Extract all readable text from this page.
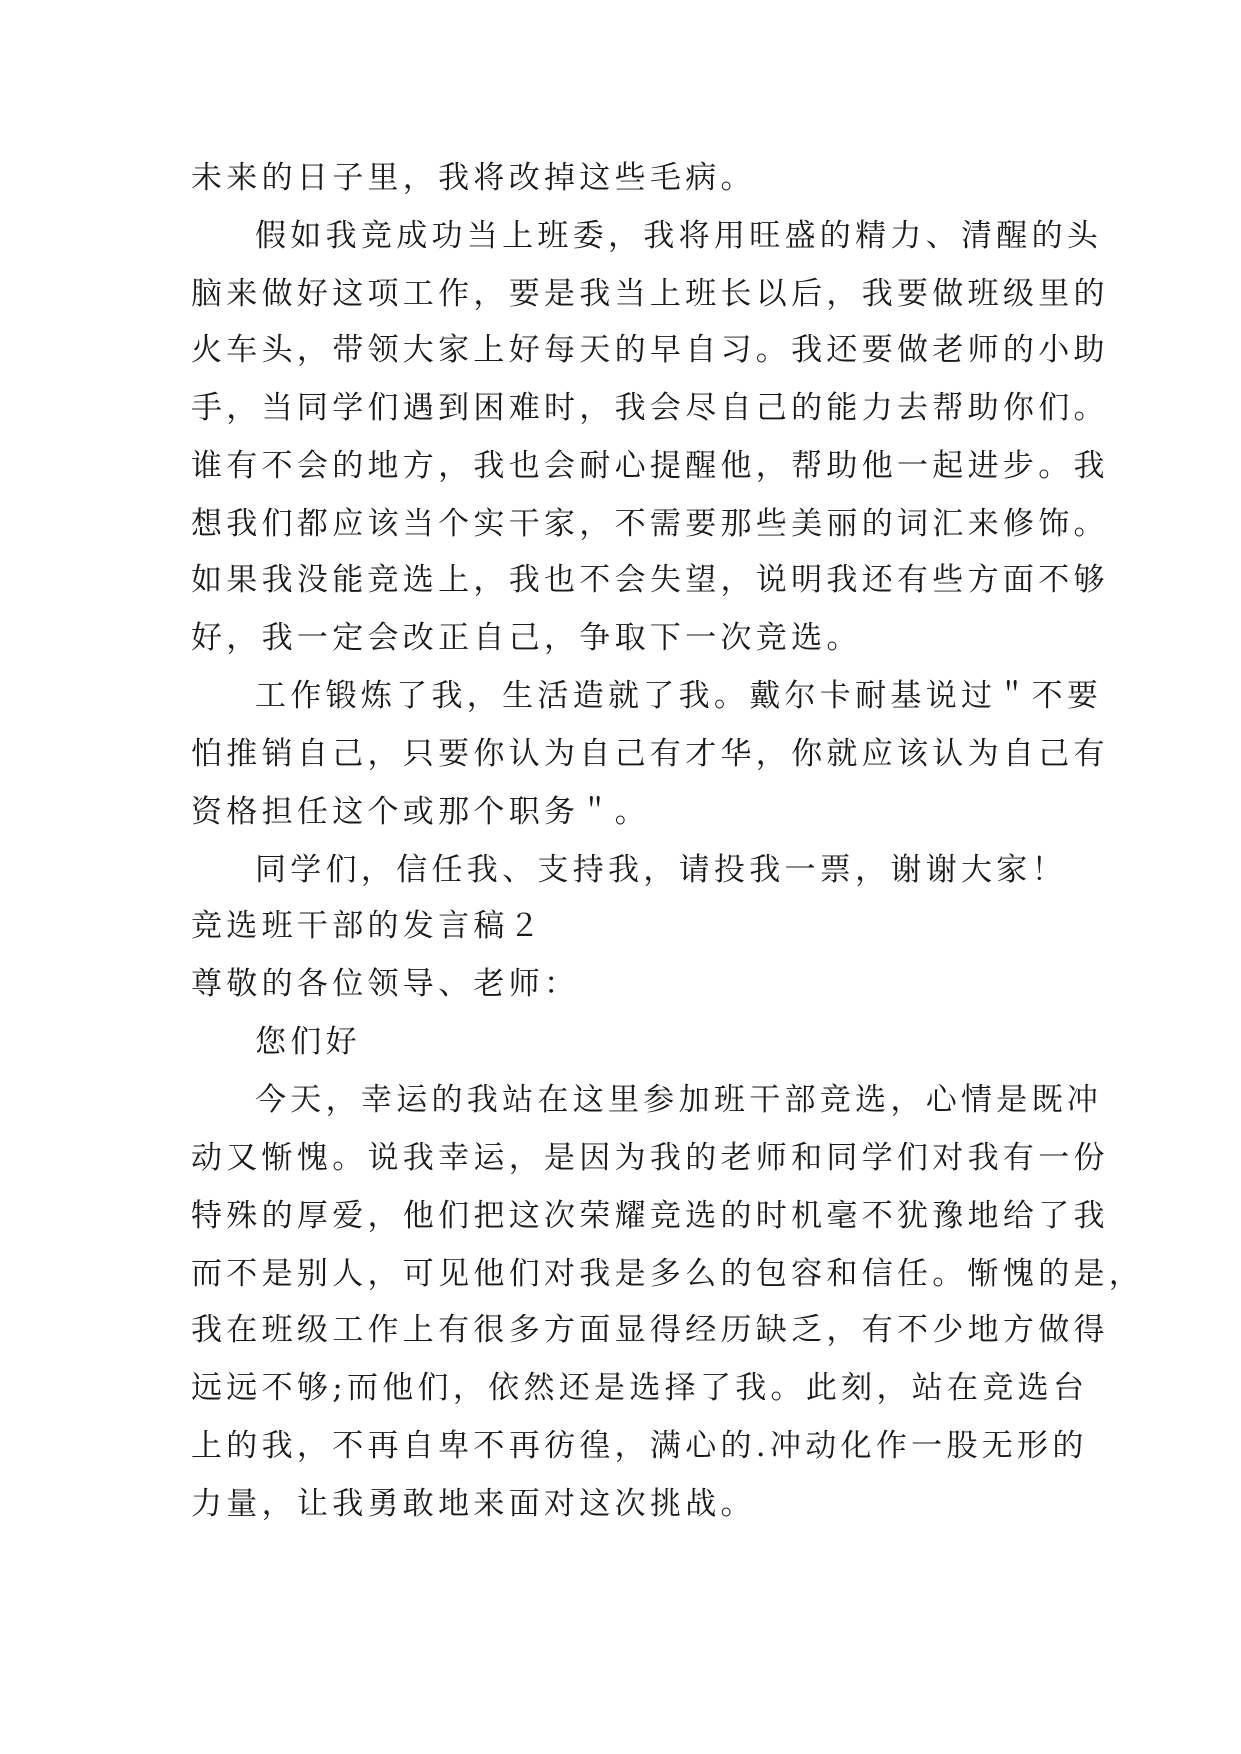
未来的日子里，我将改掉这些毛病。
假如我竞成功当上班委，我将用旺盛的精力、清醒的头
脑来做好这项工作，要是我当上班长以后，我要做班级里的
火车头，带领大家上好每天的早自习。我还要做老师的小助
手，当同学们遇到困难时，我会尽自己的能力去帮助你们。
谁有不会的地方，我也会耐心提醒他，帮助他一起进步。我
想我们都应该当个实干家，不需要那些美丽的词汇来修饰。
如果我没能竞选上，我也不会失望，说明我还有些方面不够
好，我一定会改正自己，争取下一次竞选。
工作锻炼了我，生活造就了我。戴尔卡耐基说过＂不要
怕推销自己，只要你认为自己有才华，你就应该认为自己有
资格担任这个或那个职务＂。
同学们，信任我、支持我，请投我一票，谢谢大家！
竞选班干部的发言稿２
尊敬的各位领导、老师：
您们好
今天，幸运的我站在这里参加班干部竞选，心情是既冲
动又惭愧。说我幸运，是因为我的老师和同学们对我有一份
特殊的厚爱，他们把这次荣耀竞选的时机毫不犹豫地给了我
而不是别人，可见他们对我是多么的包容和信任。惭愧的是，
我在班级工作上有很多方面显得经历缺乏，有不少地方做得
远远不够;而他们，依然还是选择了我。此刻，站在竞选台
上的我，不再自卑不再彷徨，满心的.冲动化作一股无形的
力量，让我勇敢地来面对这次挑战。
